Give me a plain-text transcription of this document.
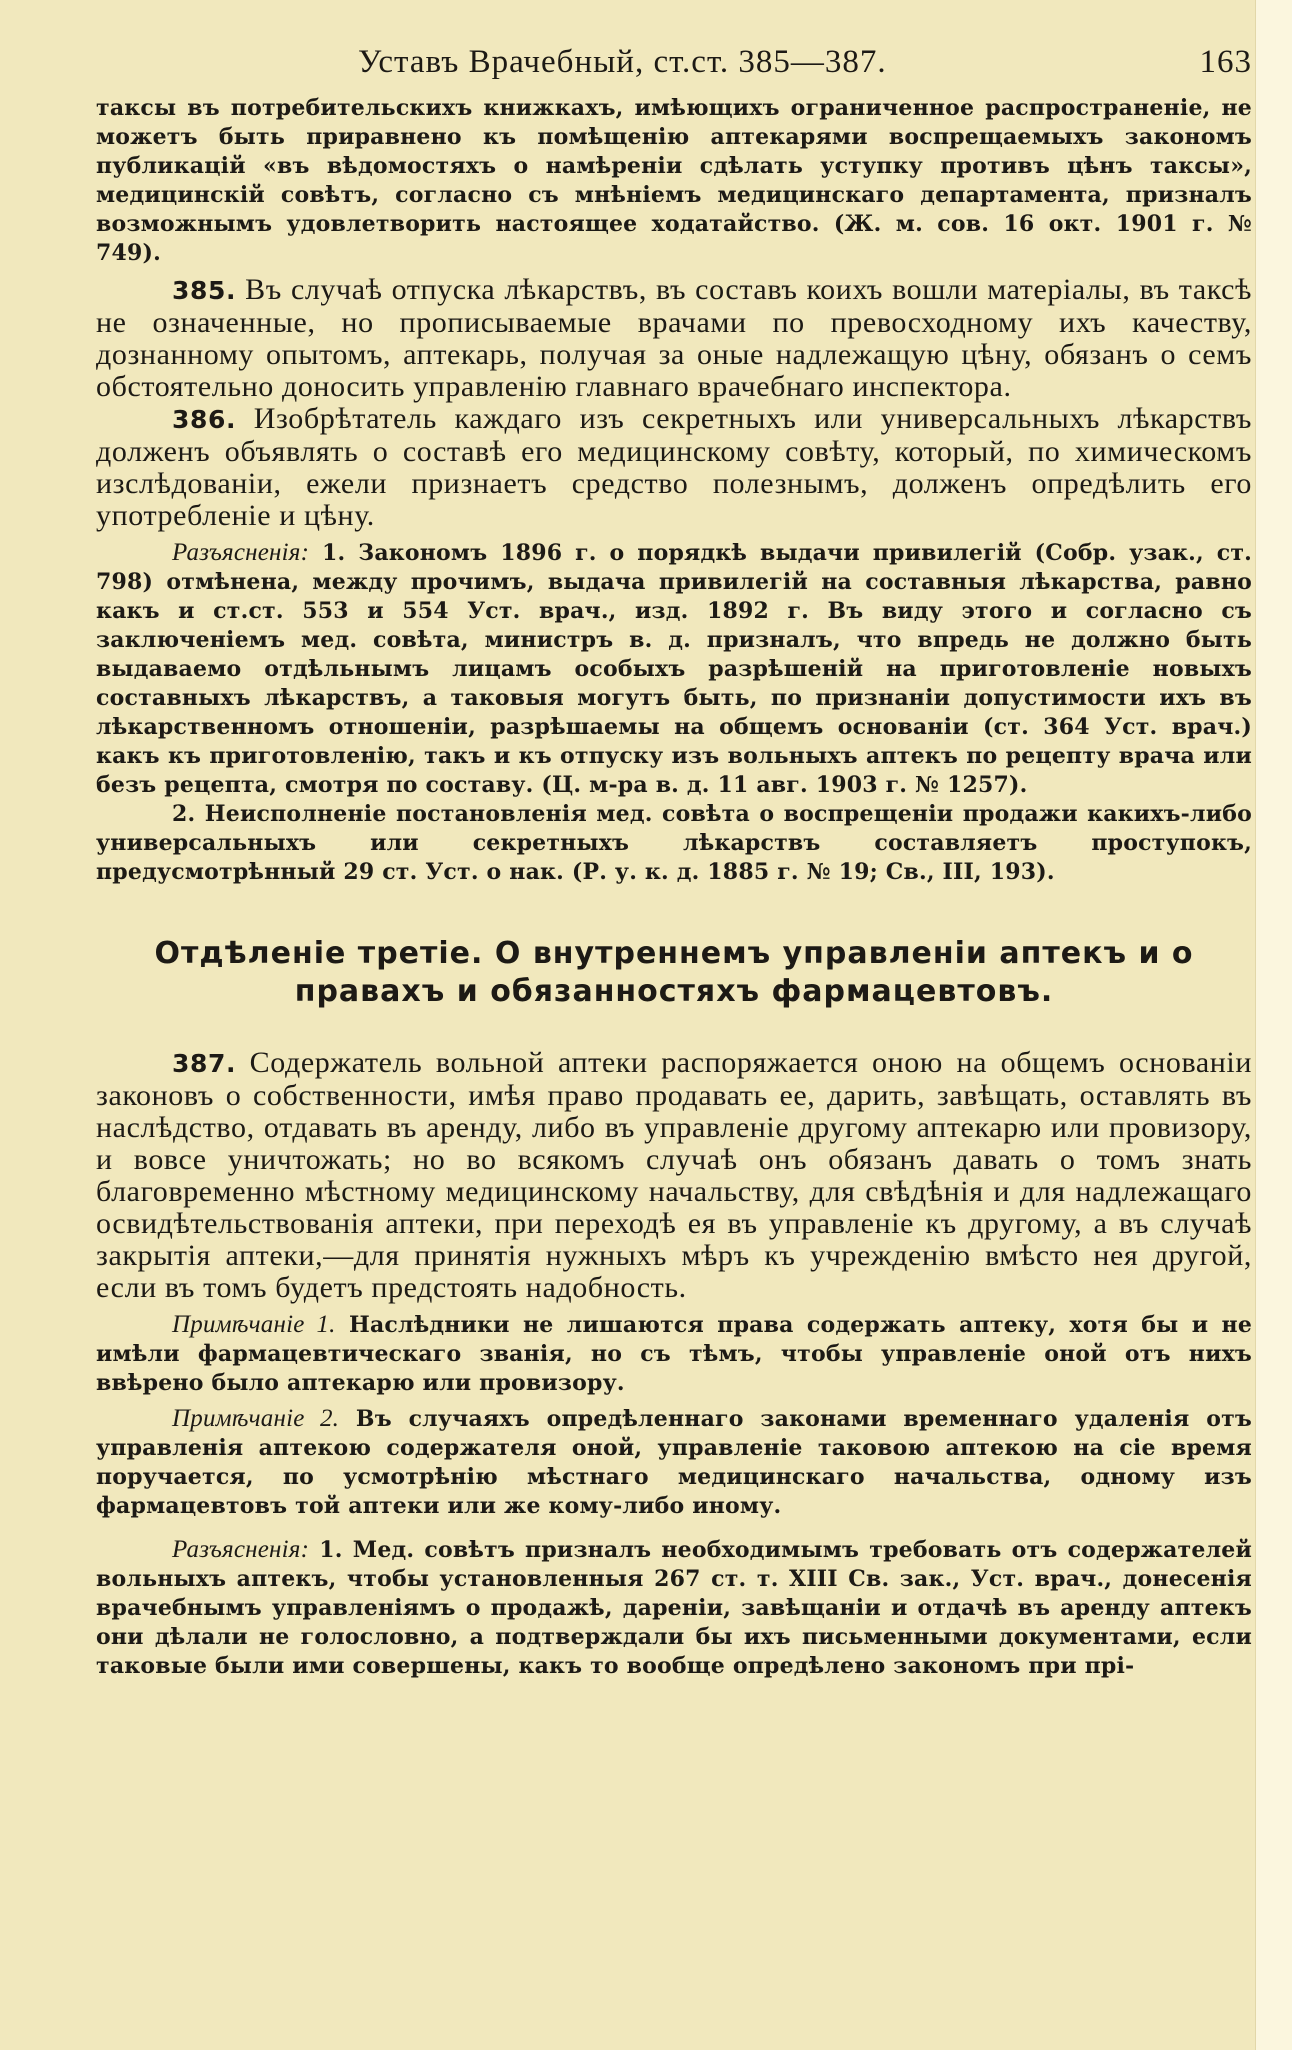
Уставъ Врачебный, ст.ст. 385—387.	163

таксы въ потребительскихъ книжкахъ, имѣющихъ ограниченное распространеніе, не можетъ быть приравнено къ помѣщенію аптекарями воспрещаемыхъ закономъ публикацій «въ вѣдомостяхъ о намѣреніи сдѣлать уступку противъ цѣнъ таксы», медицинскій совѣтъ, согласно съ мнѣніемъ медицинскаго департамента, призналъ возможнымъ удовлетворить настоящее ходатайство. (Ж. м. сов. 16 окт. 1901 г. № 749).

385. Въ случаѣ отпуска лѣкарствъ, въ составъ коихъ вошли матеріалы, въ таксѣ не означенные, но прописываемые врачами по превосходному ихъ качеству, дознанному опытомъ, аптекарь, получая за оные надлежащую цѣну, обязанъ о семъ обстоятельно доносить управленію главнаго врачебнаго инспектора.

386. Изобрѣтатель каждаго изъ секретныхъ или универсальныхъ лѣкарствъ долженъ объявлять о составѣ его медицинскому совѣту, который, по химическомъ изслѣдованіи, ежели признаетъ средство полезнымъ, долженъ опредѣлить его употребленіе и цѣну.

Разъясненія: 1. Закономъ 1896 г. о порядкѣ выдачи привилегій (Собр. узак., ст. 798) отмѣнена, между прочимъ, выдача привилегій на составныя лѣкарства, равно какъ и ст.ст. 553 и 554 Уст. врач., изд. 1892 г. Въ виду этого и согласно съ заключеніемъ мед. совѣта, министръ в. д. призналъ, что впредь не должно быть выдаваемо отдѣльнымъ лицамъ особыхъ разрѣшеній на приготовленіе новыхъ составныхъ лѣкарствъ, а таковыя могутъ быть, по признаніи допустимости ихъ въ лѣкарственномъ отношеніи, разрѣшаемы на общемъ основаніи (ст. 364 Уст. врач.) какъ къ приготовленію, такъ и къ отпуску изъ вольныхъ аптекъ по рецепту врача или безъ рецепта, смотря по составу. (Ц. м-ра в. д. 11 авг. 1903 г. № 1257).

2. Неисполненіе постановленія мед. совѣта о воспрещеніи продажи какихъ-либо универсальныхъ или секретныхъ лѣкарствъ составляетъ проступокъ, предусмотрѣнный 29 ст. Уст. о нак. (Р. у. к. д. 1885 г. № 19; Св., III, 193).

Отдѣленіе третіе. О внутреннемъ управленіи аптекъ и о
правахъ и обязанностяхъ фармацевтовъ.

387. Содержатель вольной аптеки распоряжается оною на общемъ основаніи законовъ о собственности, имѣя право продавать ее, дарить, завѣщать, оставлять въ наслѣдство, отдавать въ аренду, либо въ управленіе другому аптекарю или провизору, и вовсе уничтожать; но во всякомъ случаѣ онъ обязанъ давать о томъ знать благовременно мѣстному медицинскому начальству, для свѣдѣнія и для надлежащаго освидѣтельствованія аптеки, при переходѣ ея въ управленіе къ другому, а въ случаѣ закрытія аптеки,—для принятія нужныхъ мѣръ къ учрежденію вмѣсто нея другой, если въ томъ будетъ предстоять надобность.

Примѣчаніе 1. Наслѣдники не лишаются права содержать аптеку, хотя бы и не имѣли фармацевтическаго званія, но съ тѣмъ, чтобы управленіе оной отъ нихъ ввѣрено было аптекарю или провизору.

Примѣчаніе 2. Въ случаяхъ опредѣленнаго законами временнаго удаленія отъ управленія аптекою содержателя оной, управленіе таковою аптекою на сіе время поручается, по усмотрѣнію мѣстнаго медицинскаго начальства, одному изъ фармацевтовъ той аптеки или же кому-либо иному.

Разъясненія: 1. Мед. совѣтъ призналъ необходимымъ требовать отъ содержателей вольныхъ аптекъ, чтобы установленныя 267 ст. т. XIII Св. зак., Уст. врач., донесенія врачебнымъ управленіямъ о продажѣ, дареніи, завѣщаніи и отдачѣ въ аренду аптекъ они дѣлали не голословно, а подтверждали бы ихъ письменными документами, если таковые были ими совершены, какъ то вообще опредѣлено закономъ при прі-
